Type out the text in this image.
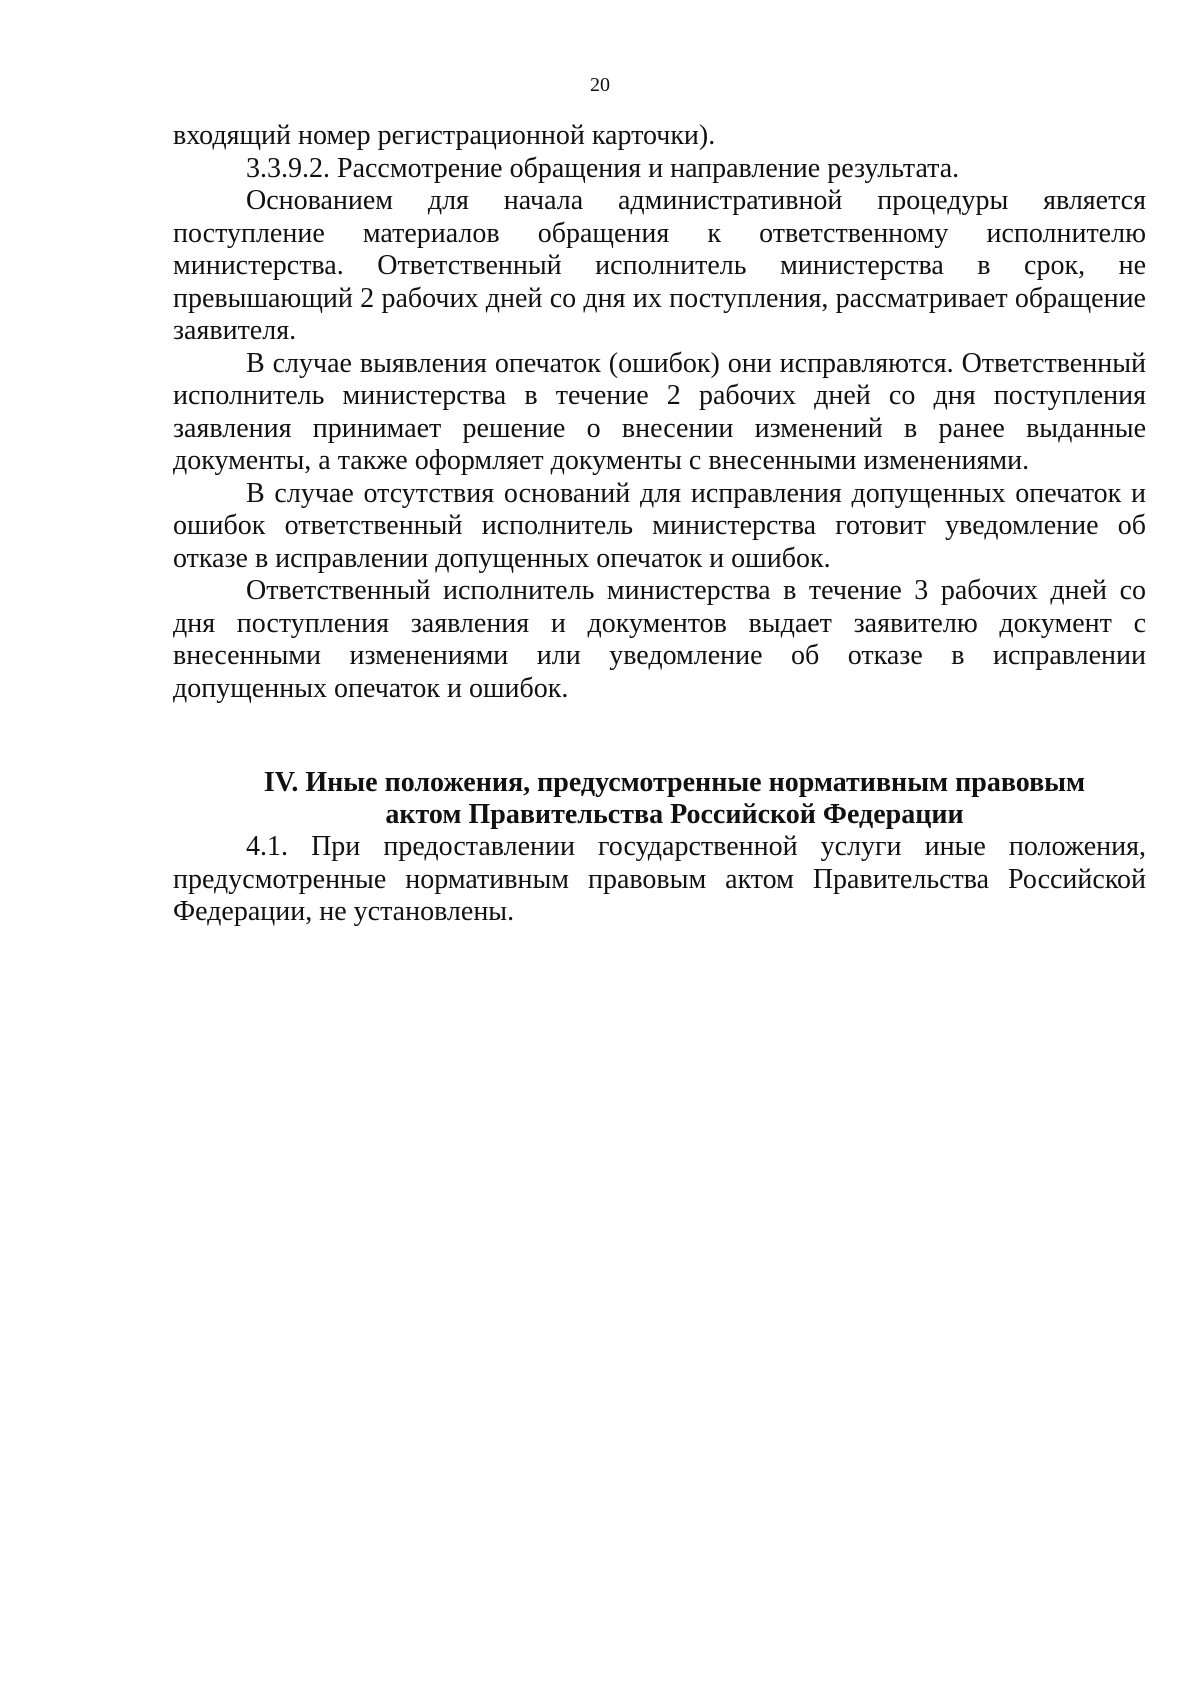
20

входящий номер регистрационной карточки).

3.3.9.2. Рассмотрение обращения и направление результата.

Основанием для начала административной процедуры является поступление материалов обращения к ответственному исполнителю министерства. Ответственный исполнитель министерства в срок, не превышающий 2 рабочих дней со дня их поступления, рассматривает обращение заявителя.

В случае выявления опечаток (ошибок) они исправляются. Ответственный исполнитель министерства в течение 2 рабочих дней со дня поступления заявления принимает решение о внесении изменений в ранее выданные документы, а также оформляет документы с внесенными изменениями.

В случае отсутствия оснований для исправления допущенных опечаток и ошибок ответственный исполнитель министерства готовит уведомление об отказе в исправлении допущенных опечаток и ошибок.

Ответственный исполнитель министерства в течение 3 рабочих дней со дня поступления заявления и документов выдает заявителю документ с внесенными изменениями или уведомление об отказе в исправлении допущенных опечаток и ошибок.

IV. Иные положения, предусмотренные нормативным правовым
актом Правительства Российской Федерации

4.1. При предоставлении государственной услуги иные положения, предусмотренные нормативным правовым актом Правительства Российской Федерации, не установлены.
